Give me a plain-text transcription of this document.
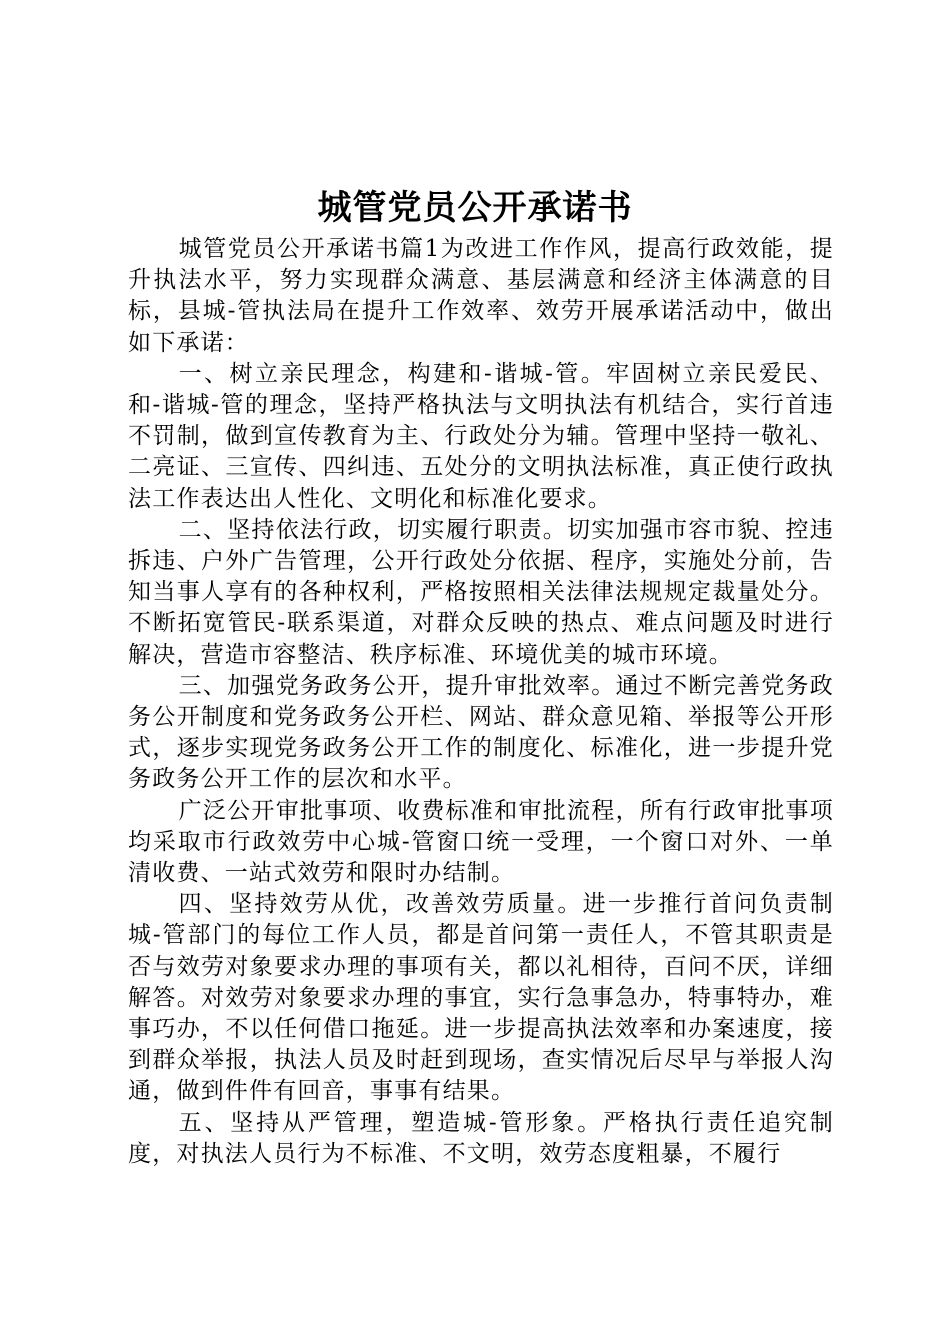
城管党员公开承诺书

城管党员公开承诺书篇1为改进工作作风，提高行政效能，提升执法水平，努力实现群众满意、基层满意和经济主体满意的目标，县城-管执法局在提升工作效率、效劳开展承诺活动中，做出如下承诺：

一、树立亲民理念，构建和-谐城-管。牢固树立亲民爱民、和-谐城-管的理念，坚持严格执法与文明执法有机结合，实行首违不罚制，做到宣传教育为主、行政处分为辅。管理中坚持一敬礼、二亮证、三宣传、四纠违、五处分的文明执法标准，真正使行政执法工作表达出人性化、文明化和标准化要求。

二、坚持依法行政，切实履行职责。切实加强市容市貌、控违拆违、户外广告管理，公开行政处分依据、程序，实施处分前，告知当事人享有的各种权利，严格按照相关法律法规规定裁量处分。不断拓宽管民-联系渠道，对群众反映的热点、难点问题及时进行解决，营造市容整洁、秩序标准、环境优美的城市环境。

三、加强党务政务公开，提升审批效率。通过不断完善党务政务公开制度和党务政务公开栏、网站、群众意见箱、举报等公开形式，逐步实现党务政务公开工作的制度化、标准化，进一步提升党务政务公开工作的层次和水平。

广泛公开审批事项、收费标准和审批流程，所有行政审批事项均采取市行政效劳中心城-管窗口统一受理，一个窗口对外、一单清收费、一站式效劳和限时办结制。

四、坚持效劳从优，改善效劳质量。进一步推行首问负责制城-管部门的每位工作人员，都是首问第一责任人，不管其职责是否与效劳对象要求办理的事项有关，都以礼相待，百问不厌，详细解答。对效劳对象要求办理的事宜，实行急事急办，特事特办，难事巧办，不以任何借口拖延。进一步提高执法效率和办案速度，接到群众举报，执法人员及时赶到现场，查实情况后尽早与举报人沟通，做到件件有回音，事事有结果。

五、坚持从严管理，塑造城-管形象。严格执行责任追究制度，对执法人员行为不标准、不文明，效劳态度粗暴，不履行
